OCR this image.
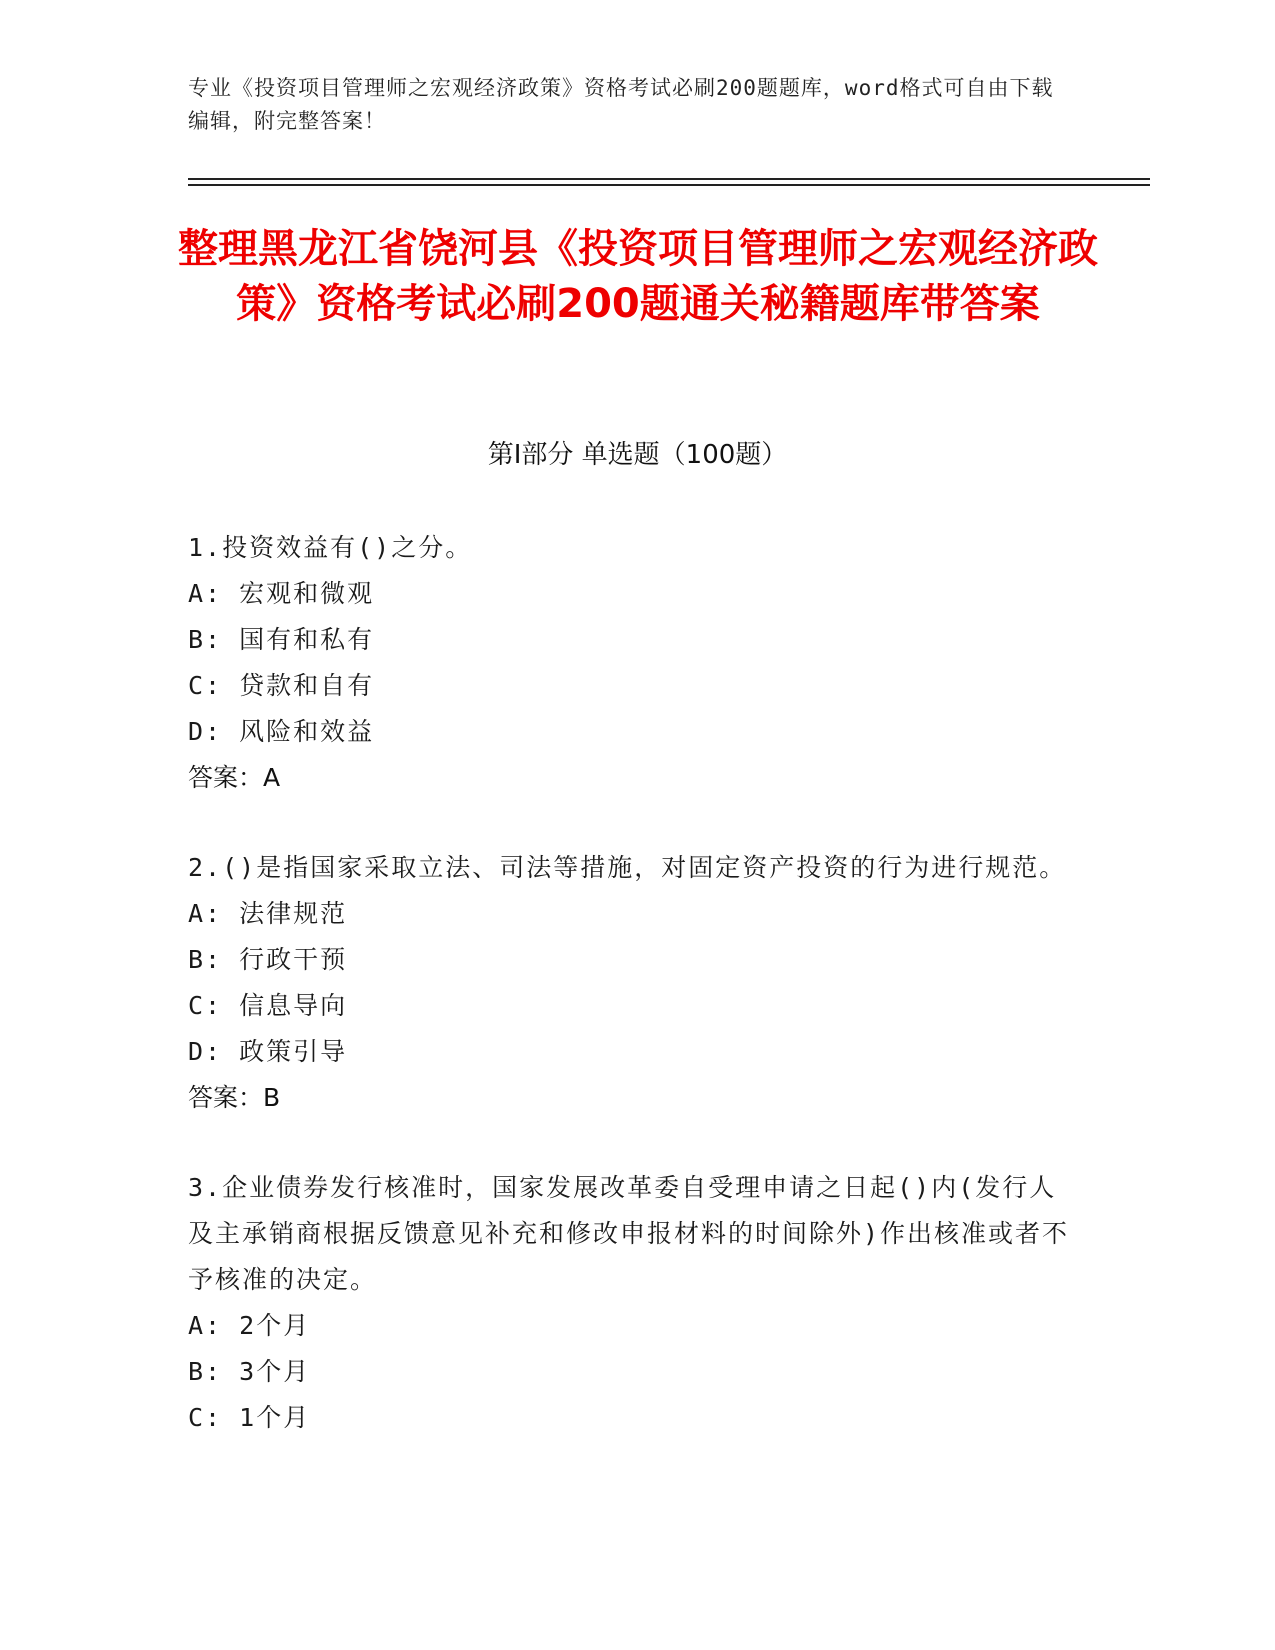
专业《投资项目管理师之宏观经济政策》资格考试必刷200题题库，word格式可自由下载编辑，附完整答案！
整理黑龙江省饶河县《投资项目管理师之宏观经济政策》资格考试必刷200题通关秘籍题库带答案
第Ⅰ部分 单选题（100题）
1.投资效益有()之分。
A: 宏观和微观
B: 国有和私有
C: 贷款和自有
D: 风险和效益
答案：A
2.()是指国家采取立法、司法等措施，对固定资产投资的行为进行规范。
A: 法律规范
B: 行政干预
C: 信息导向
D: 政策引导
答案：B
3.企业债券发行核准时，国家发展改革委自受理申请之日起()内(发行人及主承销商根据反馈意见补充和修改申报材料的时间除外)作出核准或者不予核准的决定。
A: 2个月
B: 3个月
C: 1个月
